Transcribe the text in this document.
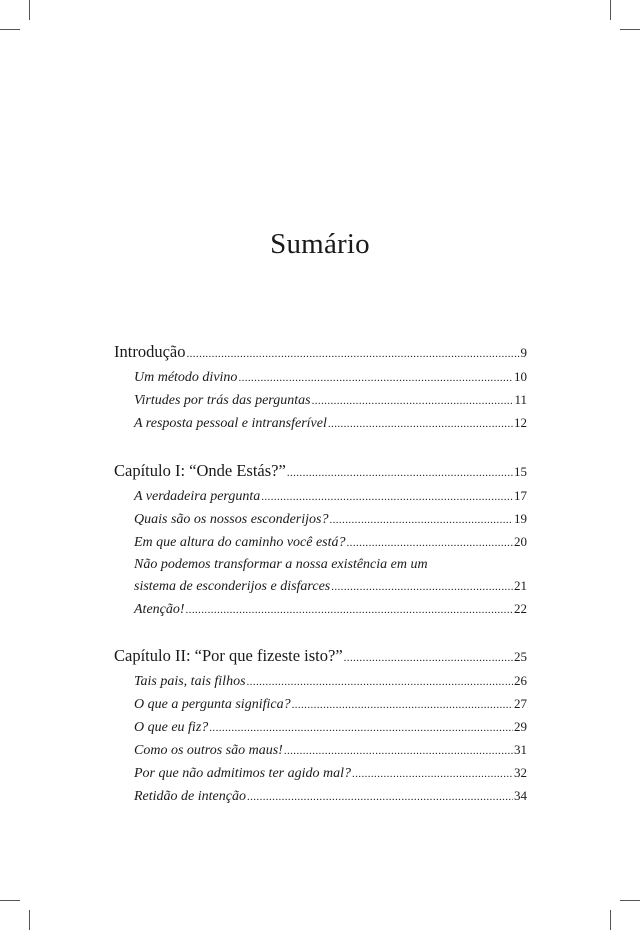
Sumário
Introdução .....	9
Um método divino .....	10
Virtudes por trás das perguntas .....	11
A resposta pessoal e intransferível .....	12
Capítulo I: “Onde Estás?” .....	15
A verdadeira pergunta .....	17
Quais são os nossos esconderijos? .....	19
Em que altura do caminho você está? .....	20
Não podemos transformar a nossa existência em um
sistema de esconderijos e disfarces .....	21
Atenção! .....	22
Capítulo II: “Por que fizeste isto?” .....	25
Tais pais, tais filhos .....	26
O que a pergunta significa? .....	27
O que eu fiz? .....	29
Como os outros são maus! .....	31
Por que não admitimos ter agido mal? .....	32
Retidão de intenção .....	34
